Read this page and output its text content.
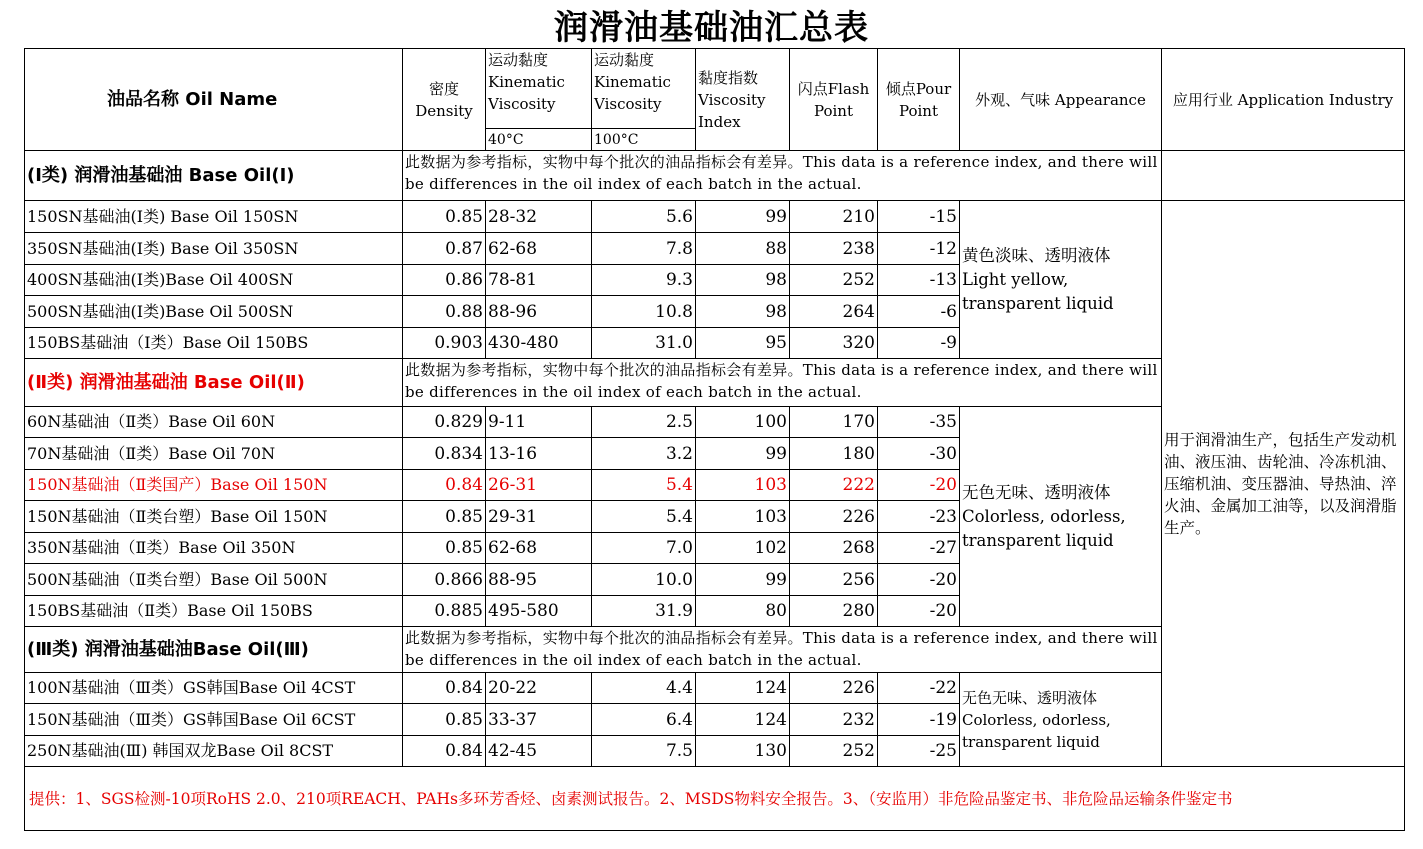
润滑油基础油汇总表
油品名称 Oil Name	密度 Density	运动黏度 Kinematic Viscosity	运动黏度 Kinematic Viscosity	黏度指数 Viscosity Index	闪点Flash Point	倾点Pour Point	外观、气味 Appearance	应用行业 Application Industry
		40°C	100°C					
(Ⅰ类) 润滑油基础油 Base Oil(Ⅰ)	此数据为参考指标，实物中每个批次的油品指标会有差异。This data is a reference index, and there will be differences in the oil index of each batch in the actual.							
150SN基础油(Ⅰ类) Base Oil 150SN	0.85	28-32	5.6	99	210	-15	黄色淡味、透明液体 Light yellow, transparent liquid	用于润滑油生产，包括生产发动机油、液压油、齿轮油、冷冻机油、压缩机油、变压器油、导热油、淬火油、金属加工油等，以及润滑脂生产。
350SN基础油(Ⅰ类) Base Oil 350SN	0.87	62-68	7.8	88	238	-12		
400SN基础油(Ⅰ类)Base Oil 400SN	0.86	78-81	9.3	98	252	-13		
500SN基础油(Ⅰ类)Base Oil 500SN	0.88	88-96	10.8	98	264	-6		
150BS基础油（Ⅰ类）Base Oil 150BS	0.903	430-480	31.0	95	320	-9		
(Ⅱ类) 润滑油基础油 Base Oil(Ⅱ)	此数据为参考指标，实物中每个批次的油品指标会有差异。This data is a reference index, and there will be differences in the oil index of each batch in the actual.							
60N基础油（Ⅱ类）Base Oil 60N	0.829	9-11	2.5	100	170	-35	无色无味、透明液体 Colorless, odorless, transparent liquid	
70N基础油（Ⅱ类）Base Oil 70N	0.834	13-16	3.2	99	180	-30		
150N基础油（Ⅱ类国产）Base Oil 150N	0.84	26-31	5.4	103	222	-20		
150N基础油（Ⅱ类台塑）Base Oil 150N	0.85	29-31	5.4	103	226	-23		
350N基础油（Ⅱ类）Base Oil 350N	0.85	62-68	7.0	102	268	-27		
500N基础油（Ⅱ类台塑）Base Oil 500N	0.866	88-95	10.0	99	256	-20		
150BS基础油（Ⅱ类）Base Oil 150BS	0.885	495-580	31.9	80	280	-20		
(Ⅲ类) 润滑油基础油Base Oil(Ⅲ)	此数据为参考指标，实物中每个批次的油品指标会有差异。This data is a reference index, and there will be differences in the oil index of each batch in the actual.							
100N基础油（Ⅲ类）GS韩国Base Oil 4CST	0.84	20-22	4.4	124	226	-22	无色无味、透明液体 Colorless, odorless, transparent liquid	
150N基础油（Ⅲ类）GS韩国Base Oil 6CST	0.85	33-37	6.4	124	232	-19		
250N基础油(Ⅲ) 韩国双龙Base Oil 8CST	0.84	42-45	7.5	130	252	-25		
提供：1、SGS检测-10项RoHS 2.0、210项REACH、PAHs多环芳香烃、卤素测试报告。2、MSDS物料安全报告。3、（安监用）非危险品鉴定书、非危险品运输条件鉴定书								
